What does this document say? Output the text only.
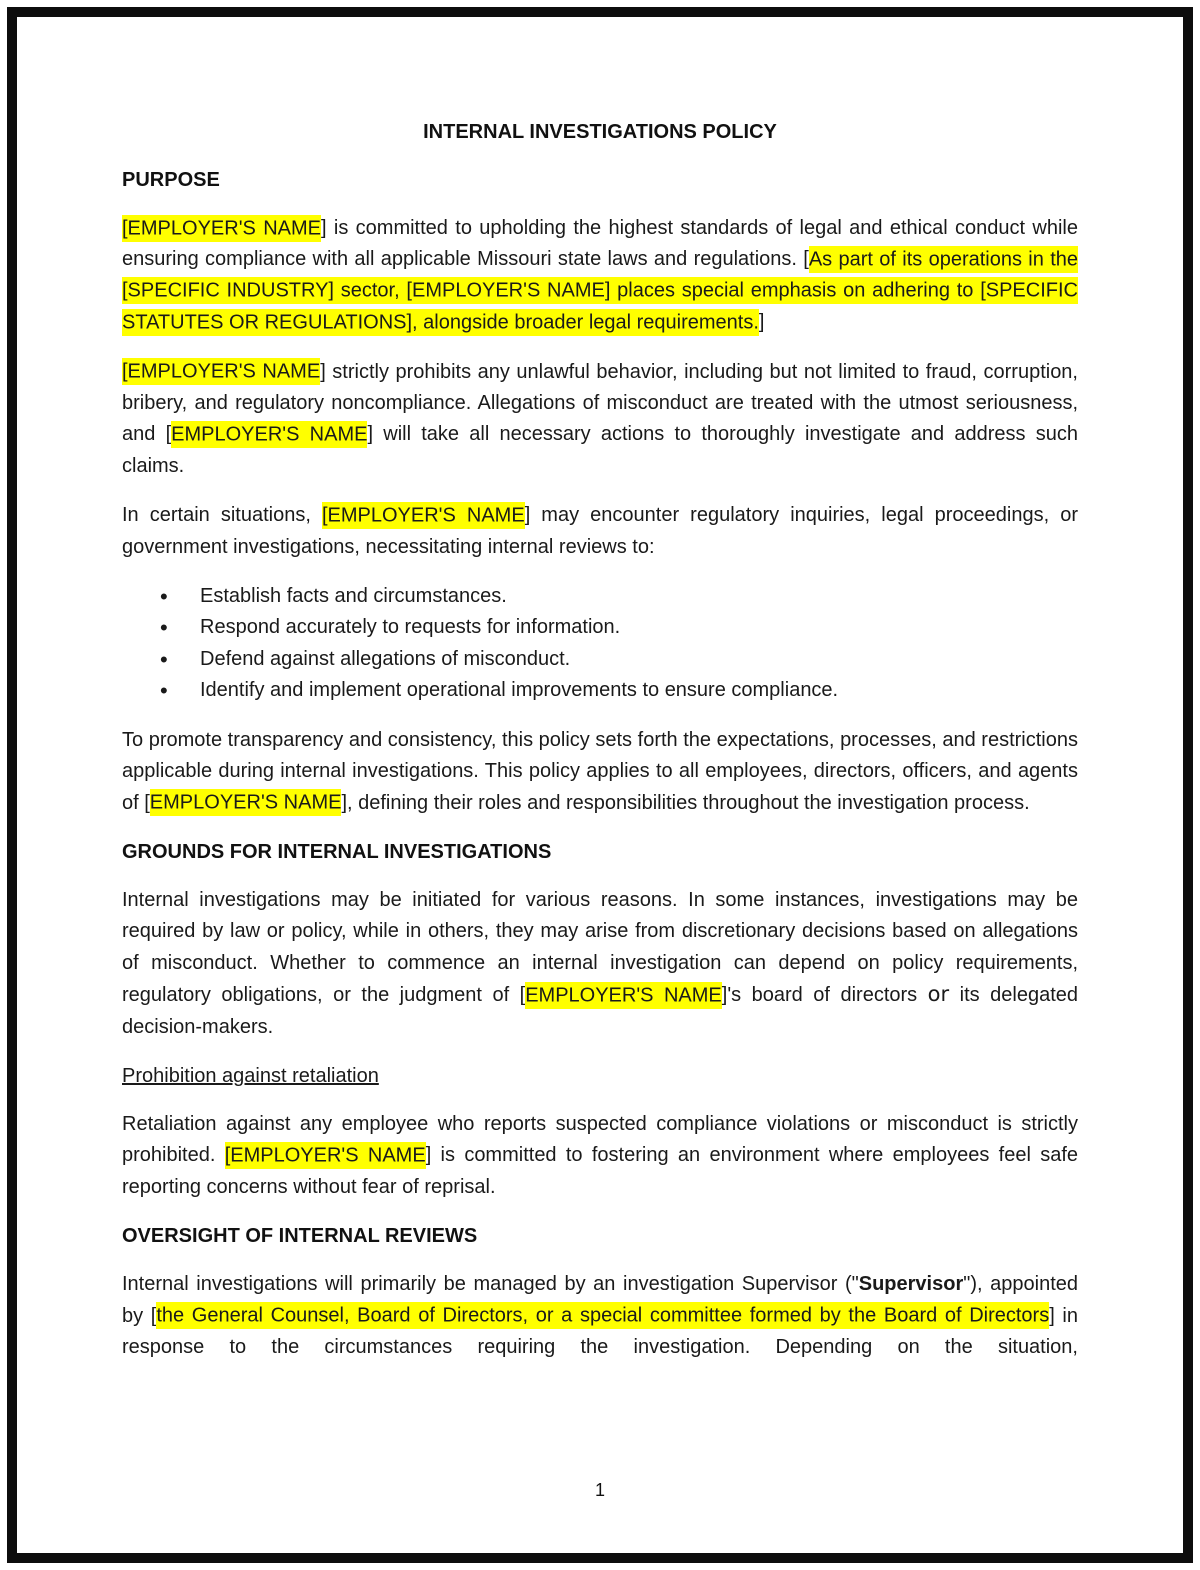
INTERNAL INVESTIGATIONS POLICY
PURPOSE

[EMPLOYER'S NAME] is committed to upholding the highest standards of legal and ethical conduct while ensuring compliance with all applicable Missouri state laws and regulations. [As part of its operations in the [SPECIFIC INDUSTRY] sector, [EMPLOYER'S NAME] places special emphasis on adhering to [SPECIFIC STATUTES OR REGULATIONS], alongside broader legal requirements.]

[EMPLOYER'S NAME] strictly prohibits any unlawful behavior, including but not limited to fraud, corruption, bribery, and regulatory noncompliance. Allegations of misconduct are treated with the utmost seriousness, and [EMPLOYER'S NAME] will take all necessary actions to thoroughly investigate and address such claims.

In certain situations, [EMPLOYER'S NAME] may encounter regulatory inquiries, legal proceedings, or government investigations, necessitating internal reviews to:

• Establish facts and circumstances.
• Respond accurately to requests for information.
• Defend against allegations of misconduct.
• Identify and implement operational improvements to ensure compliance.

To promote transparency and consistency, this policy sets forth the expectations, processes, and restrictions applicable during internal investigations. This policy applies to all employees, directors, officers, and agents of [EMPLOYER'S NAME], defining their roles and responsibilities throughout the investigation process.

GROUNDS FOR INTERNAL INVESTIGATIONS

Internal investigations may be initiated for various reasons. In some instances, investigations may be required by law or policy, while in others, they may arise from discretionary decisions based on allegations of misconduct. Whether to commence an internal investigation can depend on policy requirements, regulatory obligations, or the judgment of [EMPLOYER'S NAME]'s board of directors or its delegated decision-makers.

Prohibition against retaliation

Retaliation against any employee who reports suspected compliance violations or misconduct is strictly prohibited. [EMPLOYER'S NAME] is committed to fostering an environment where employees feel safe reporting concerns without fear of reprisal.

OVERSIGHT OF INTERNAL REVIEWS

Internal investigations will primarily be managed by an investigation Supervisor ("Supervisor"), appointed by [the General Counsel, Board of Directors, or a special committee formed by the Board of Directors] in response to the circumstances requiring the investigation. Depending on the situation,

1
